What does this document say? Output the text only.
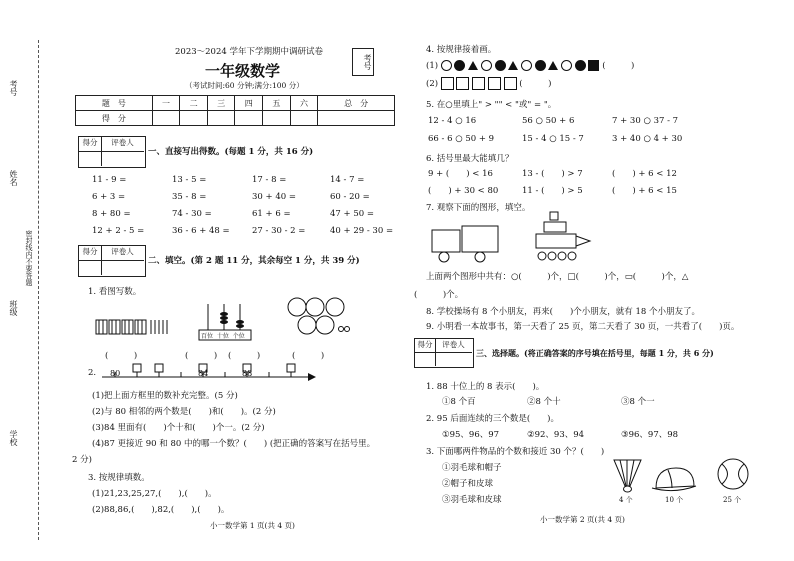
考号
姓名
班级
学校
密封线内不要答题
2023～2024 学年下学期期中调研试卷
一年级数学
（考试时间:60 分钟;满分:100 分）
考号
题　号	一	二	三	四	五	六	总　分
得　分							
得分	评卷人
一、直接写出得数。(每题 1 分，共 16 分)
11 - 9 =	13 - 5 =	17 - 8 =	14 - 7 =
6 + 3 =	35 - 8 =	30 + 40 =	60 - 20 =
8 + 80 =	74 - 30 =	61 + 6 =	47 + 50 =
12 + 2 - 5 =	36 - 6 + 48 =	27 - 30 - 2 =	40 + 29 - 30 =
得分	评卷人
二、填空。(第 2 题 11 分，其余每空 1 分，共 39 分)
1. 看图写数。
百位 十位 个位
(　　　)	(　　　) (　　　)	(　　　)
2. 80	84	88
(1)把上面方框里的数补充完整。(5 分)
(2)与 80 相邻的两个数是(　　)和(　　)。(2 分)
(3)84 里面有(　　)个十和(　　)个一。(2 分)
(4)87 更接近 90 和 80 中的哪一个数？(　　) (把正确的答案写在括号里。
2 分)
3. 按规律填数。
(1)21,23,25,27,(　　),(　　)。
(2)88,86,(　　),82,(　　),(　　)。
小一数学第 1 页(共 4 页)
4. 按规律接着画。
(1)	(　　　)
(2)	(　　　)
5. 在○里填上" > "" < "或" = "。
12 - 4 ○ 16	56 ○ 50 + 6	7 + 30 ○ 37 - 7
66 - 6 ○ 50 + 9	15 - 4 ○ 15 - 7	3 + 40 ○ 4 + 30
6. 括号里最大能填几？
9 + (　　) < 16	13 - (　　) > 7	(　　) + 6 < 12
(　　) + 30 < 80	11 - (　　) > 5	(　　) + 6 < 15
7. 观察下面的图形，填空。
上面两个图形中共有：○(　　　)个，□(　　　)个，▭(　　　)个，△
(　　　)个。
8. 学校操场有 8 个小朋友，再来(　　)个小朋友，就有 18 个小朋友了。
9. 小明看一本故事书，第一天看了 25 页，第二天看了 30 页，一共看了(　　)页。
得分	评卷人
三、选择题。(将正确答案的序号填在括号里，每题 1 分，共 6 分)
1. 88 十位上的 8 表示(　　)。
①8 个百	②8 个十	③8 个一
2. 95 后面连续的三个数是(　　)。
①95、96、97	②92、93、94	③96、97、98
3. 下面哪两件物品的个数和接近 30 个？(　　)
①羽毛球和帽子
②帽子和皮球
③羽毛球和皮球	4 个	10 个	25 个
小一数学第 2 页(共 4 页)
